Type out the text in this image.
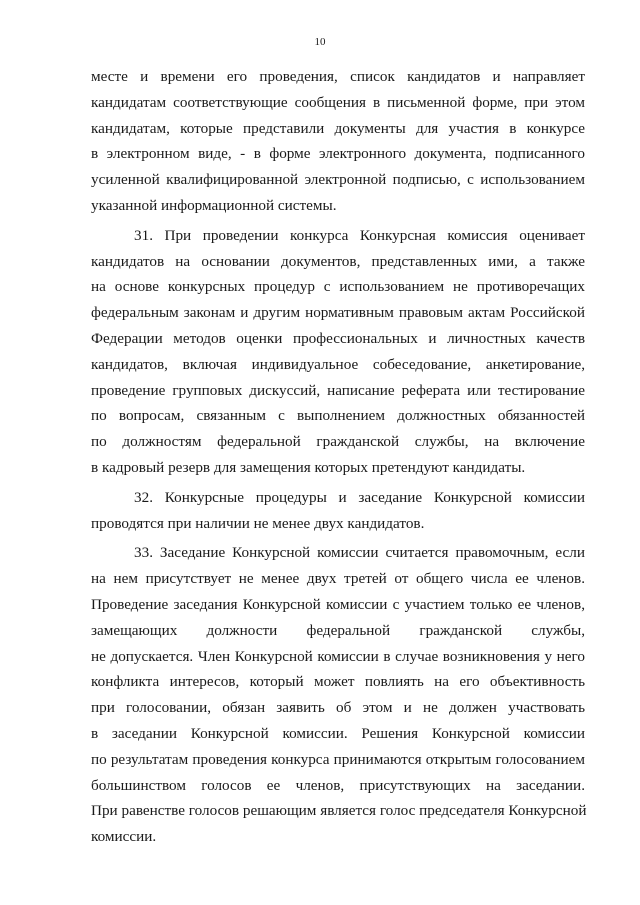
10
месте и времени его проведения, список кандидатов и направляет
кандидатам соответствующие сообщения в письменной форме, при этом
кандидатам, которые представили документы для участия в конкурсе
в электронном виде, - в форме электронного документа, подписанного
усиленной квалифицированной электронной подписью, с использованием
указанной информационной системы.
31. При проведении конкурса Конкурсная комиссия оценивает
кандидатов на основании документов, представленных ими, а также
на основе конкурсных процедур с использованием не противоречащих
федеральным законам и другим нормативным правовым актам Российской
Федерации методов оценки профессиональных и личностных качеств
кандидатов, включая индивидуальное собеседование, анкетирование,
проведение групповых дискуссий, написание реферата или тестирование
по вопросам, связанным с выполнением должностных обязанностей
по должностям федеральной гражданской службы, на включение
в кадровый резерв для замещения которых претендуют кандидаты.
32. Конкурсные процедуры и заседание Конкурсной комиссии
проводятся при наличии не менее двух кандидатов.
33. Заседание Конкурсной комиссии считается правомочным, если
на нем присутствует не менее двух третей от общего числа ее членов.
Проведение заседания Конкурсной комиссии с участием только ее членов,
замещающих должности федеральной гражданской службы,
не допускается. Член Конкурсной комиссии в случае возникновения у него
конфликта интересов, который может повлиять на его объективность
при голосовании, обязан заявить об этом и не должен участвовать
в заседании Конкурсной комиссии. Решения Конкурсной комиссии
по результатам проведения конкурса принимаются открытым голосованием
большинством голосов ее членов, присутствующих на заседании.
При равенстве голосов решающим является голос председателя Конкурсной
комиссии.
